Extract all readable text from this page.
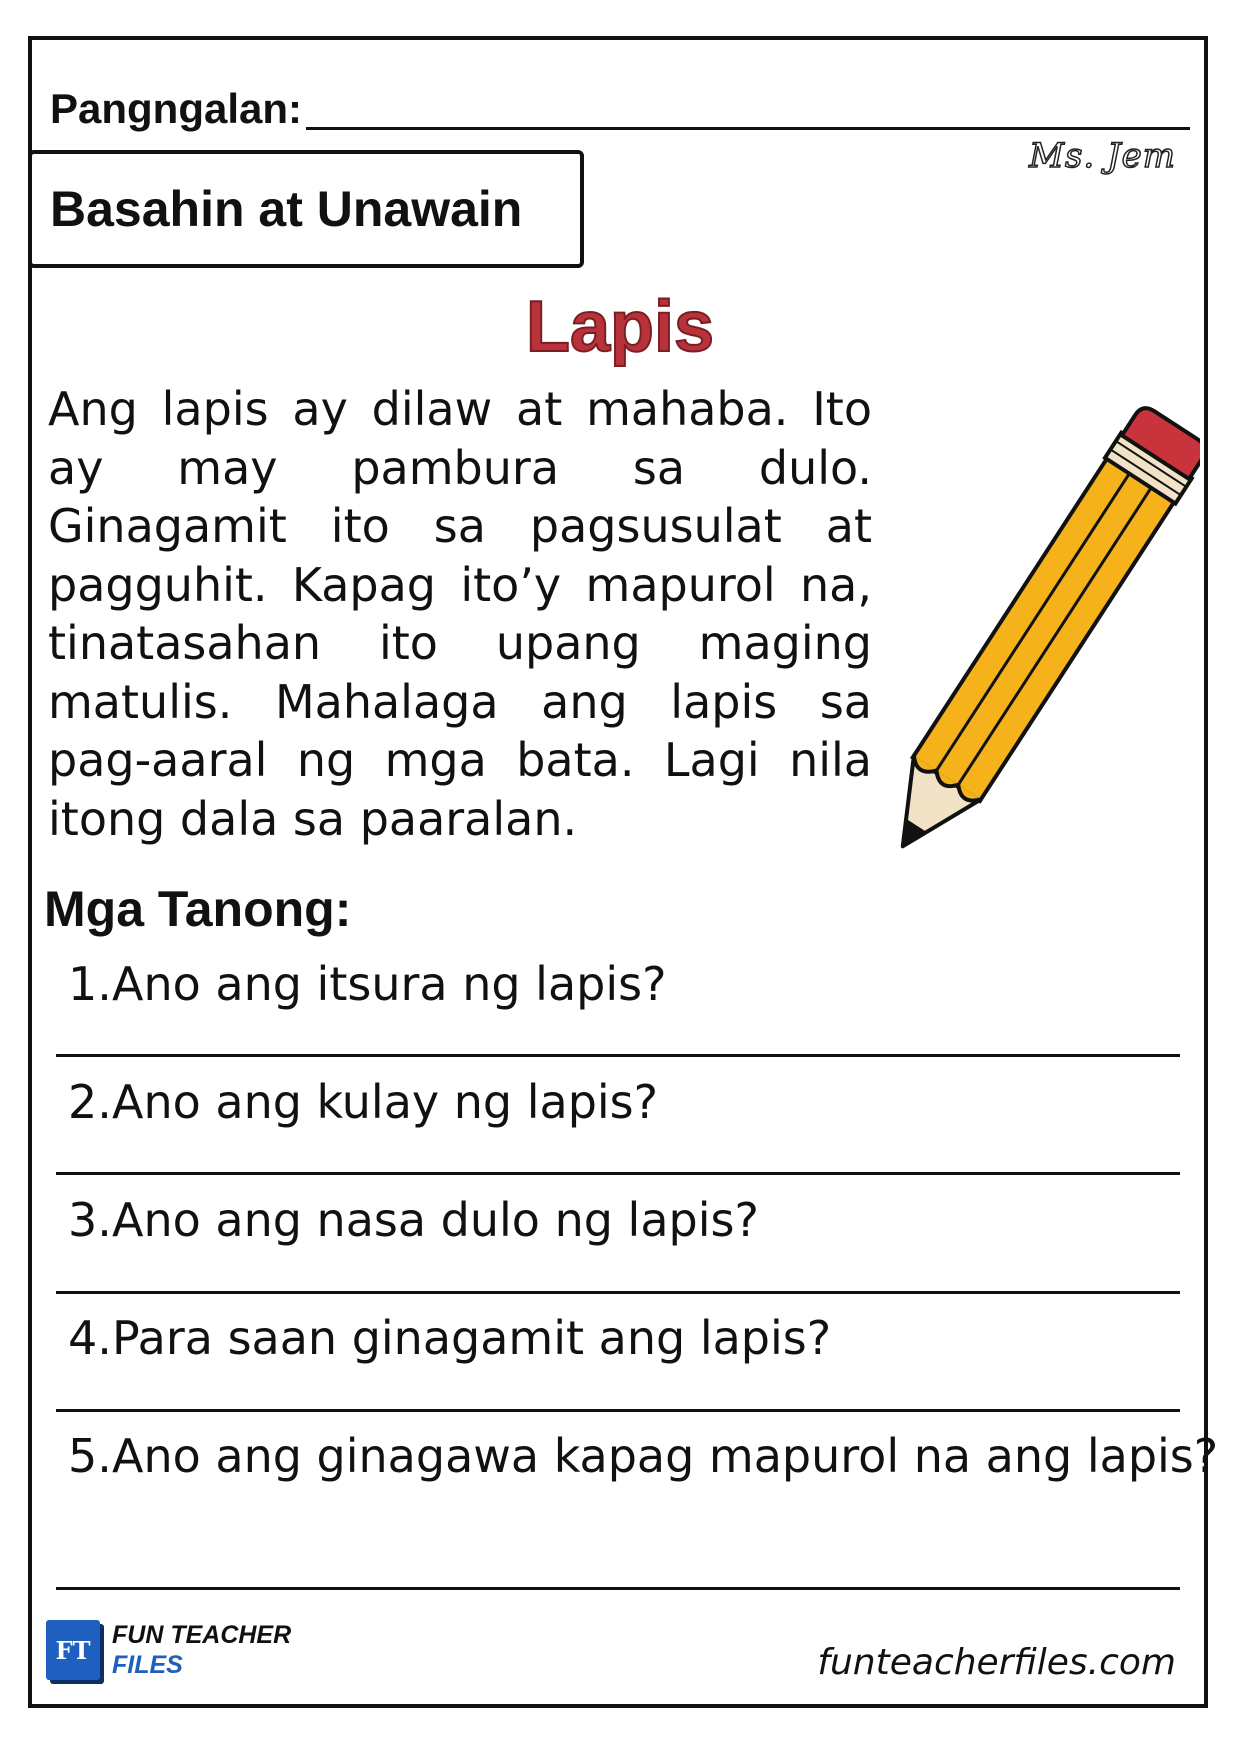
Pangngalan:
Ms. Jem
Basahin at Unawain
Lapis
Ang lapis ay dilaw at mahaba. Ito ay may pambura sa dulo. Ginagamit ito sa pagsusulat at pagguhit. Kapag ito’y mapurol na, tinatasahan ito upang maging matulis. Mahalaga ang lapis sa pag-aaral ng mga bata. Lagi nila itong dala sa paaralan.
Mga Tanong:
1.Ano ang itsura ng lapis?
2.Ano ang kulay ng lapis?
3.Ano ang nasa dulo ng lapis?
4.Para saan ginagamit ang lapis?
5.Ano ang ginagawa kapag mapurol na ang lapis?
FT
FUN TEACHER
FILES	funteacherfiles.com
